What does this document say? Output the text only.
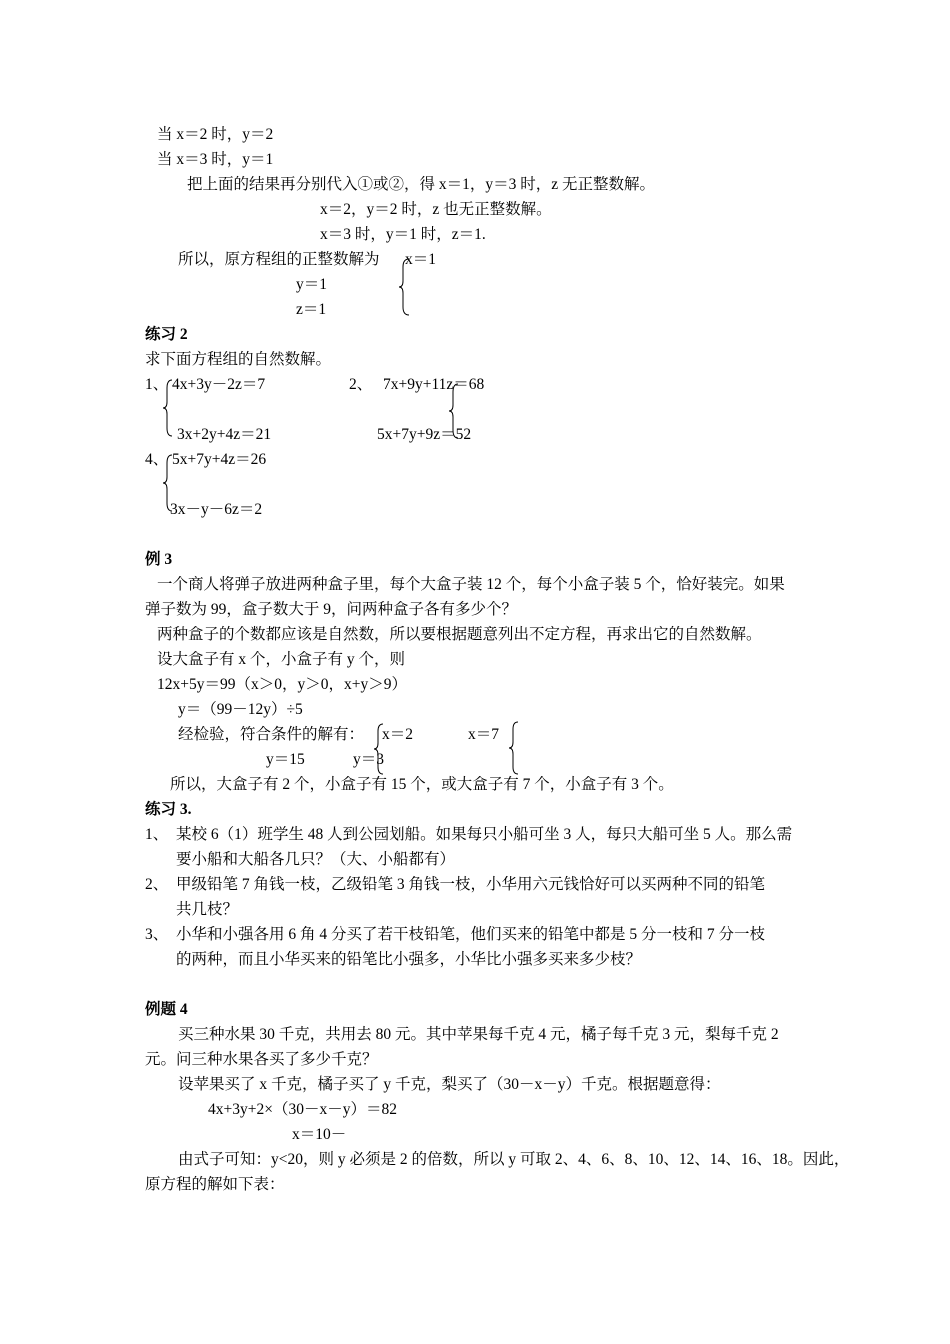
当 x＝2 时，y＝2
当 x＝3 时，y＝1
把上面的结果再分别代入①或②，得 x＝1，y＝3 时，z 无正整数解。
x＝2，y＝2 时，z 也无正整数解。
x＝3 时，y＝1 时，z＝1.
所以，原方程组的正整数解为 x＝1
y＝1
z＝1
练习 2
求下面方程组的自然数解。
1、 4x+3y－2z＝7
3x+2y+4z＝21
2、 7x+9y+11z＝68
5x+7y+9z＝52
4、 5x+7y+4z＝26
3x－y－6z＝2
例 3
一个商人将弹子放进两种盒子里，每个大盒子装 12 个，每个小盒子装 5 个，恰好装完。如果
弹子数为 99，盒子数大于 9，问两种盒子各有多少个？
两种盒子的个数都应该是自然数，所以要根据题意列出不定方程，再求出它的自然数解。
设大盒子有 x 个，小盒子有 y 个，则
12x+5y＝99（x＞0，y＞0，x+y＞9）
y＝（99－12y）÷5
经检验，符合条件的解有： x＝2	x＝7
y＝15	y＝3
所以，大盒子有 2 个，小盒子有 15 个，或大盒子有 7 个，小盒子有 3 个。
练习 3.
1、 某校 6（1）班学生 48 人到公园划船。如果每只小船可坐 3 人，每只大船可坐 5 人。那么需
要小船和大船各几只？（大、小船都有）
2、 甲级铅笔 7 角钱一枝，乙级铅笔 3 角钱一枝，小华用六元钱恰好可以买两种不同的铅笔
共几枝？
3、 小华和小强各用 6 角 4 分买了若干枝铅笔，他们买来的铅笔中都是 5 分一枝和 7 分一枝
的两种，而且小华买来的铅笔比小强多，小华比小强多买来多少枝？
例题 4
买三种水果 30 千克，共用去 80 元。其中苹果每千克 4 元，橘子每千克 3 元，梨每千克 2
元。问三种水果各买了多少千克？
设苹果买了 x 千克，橘子买了 y 千克，梨买了（30－x－y）千克。根据题意得：
4x+3y+2×（30－x－y）＝82
x＝10－
由式子可知：y<20，则 y 必须是 2 的倍数，所以 y 可取 2、4、6、8、10、12、14、16、18。因此，
原方程的解如下表：
